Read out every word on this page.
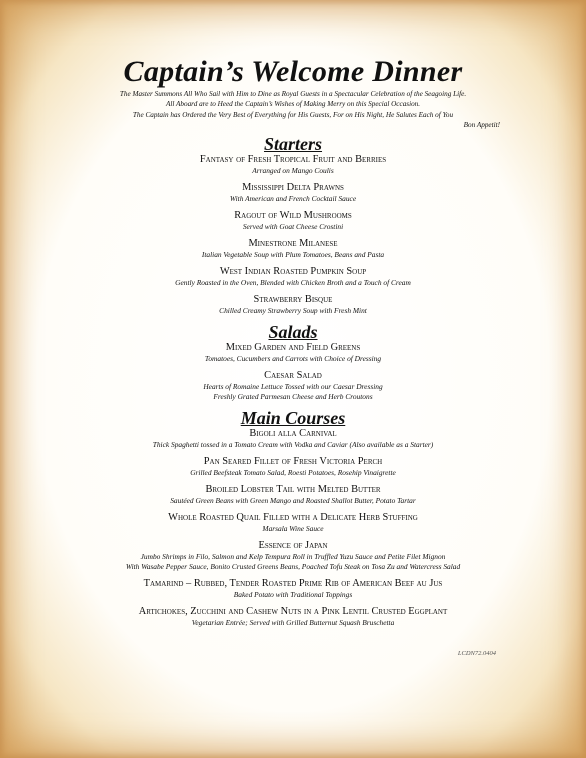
Captain’s Welcome Dinner
The Master Summons All Who Sail with Him to Dine as Royal Guests in a Spectacular Celebration of the Seagoing Life.
All Aboard are to Heed the Captain’s Wishes of Making Merry on this Special Occasion.
The Captain has Ordered the Very Best of Everything for His Guests, For on His Night, He Salutes Each of You
Bon Appetit!
Starters
Fantasy of Fresh Tropical Fruit and Berries
Arranged on Mango Coulis
Mississippi Delta Prawns
With American and French Cocktail Sauce
Ragout of Wild Mushrooms
Served with Goat Cheese Crostini
Minestrone Milanese
Italian Vegetable Soup with Plum Tomatoes, Beans and Pasta
West Indian Roasted Pumpkin Soup
Gently Roasted in the Oven, Blended with Chicken Broth and a Touch of Cream
Strawberry Bisque
Chilled Creamy Strawberry Soup with Fresh Mint
Salads
Mixed Garden and Field Greens
Tomatoes, Cucumbers and Carrots with Choice of Dressing
Caesar Salad
Hearts of Romaine Lettuce Tossed with our Caesar Dressing
Freshly Grated Parmesan Cheese and Herb Croutons
Main Courses
Bigoli alla Carnival
Thick Spaghetti tossed in a Tomato Cream with Vodka and Caviar (Also available as a Starter)
Pan Seared Fillet of Fresh Victoria Perch
Grilled Beefsteak Tomato Salad, Roesti Potatoes, Rosehip Vinaigrette
Broiled Lobster Tail with Melted Butter
Sautéed Green Beans with Green Mango and Roasted Shallot Butter, Potato Tartar
Whole Roasted Quail Filled with a Delicate Herb Stuffing
Marsala Wine Sauce
Essence of Japan
Jumbo Shrimps in Filo, Salmon and Kelp Tempura Roll in Truffled Yuzu Sauce and Petite Filet Mignon
With Wasabe Pepper Sauce, Bonito Crusted Greens Beans, Poached Tofu Steak on Tosa Zu and Watercress Salad
Tamarind – Rubbed, Tender Roasted Prime Rib of American Beef au Jus
Baked Potato with Traditional Toppings
Artichokes, Zucchini and Cashew Nuts in a Pink Lentil Crusted Eggplant
Vegetarian Entrée; Served with Grilled Butternut Squash Bruschetta
LCDN72.0404
